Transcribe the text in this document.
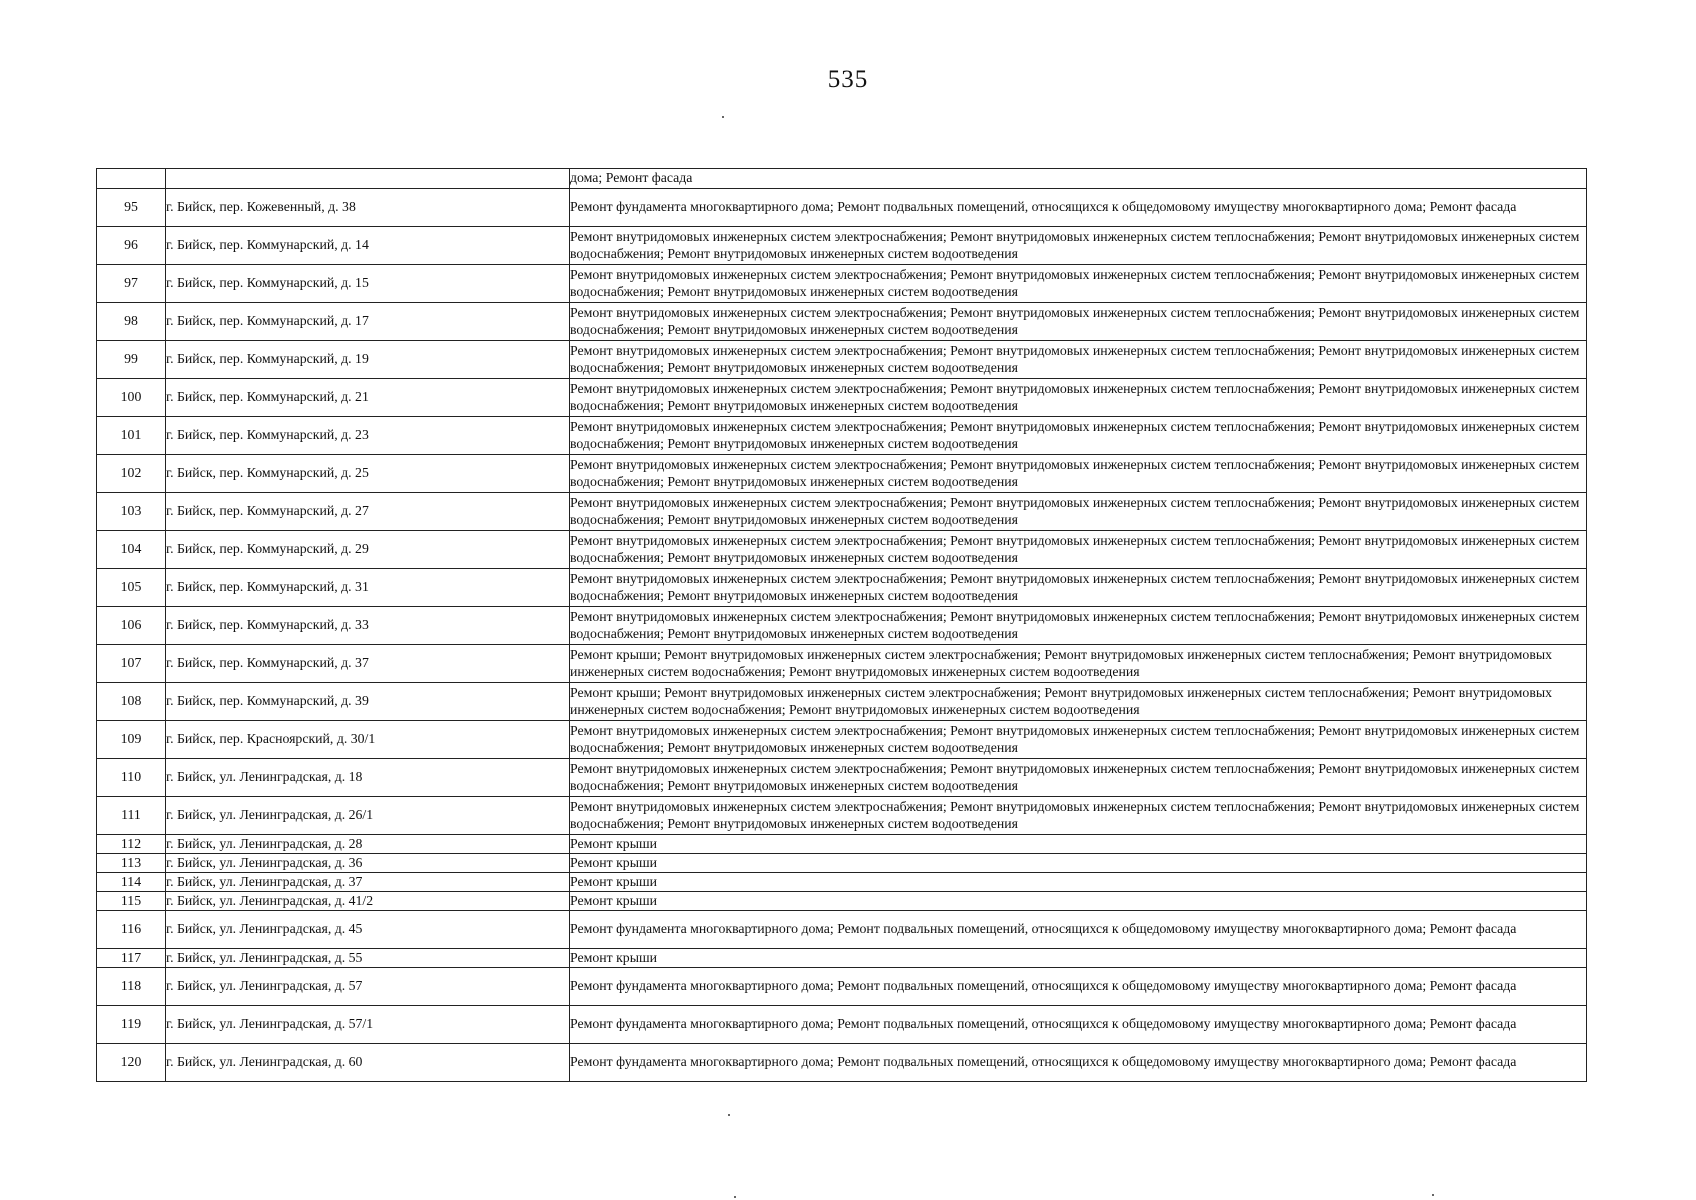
535
		дома; Ремонт фасада
95	г. Бийск, пер. Кожевенный, д. 38	Ремонт фундамента многоквартирного дома; Ремонт подвальных помещений, относящихся к общедомовому имуществу многоквартирного дома; Ремонт фасада
96	г. Бийск, пер. Коммунарский, д. 14	Ремонт внутридомовых инженерных систем электроснабжения; Ремонт внутридомовых инженерных систем теплоснабжения; Ремонт внутридомовых инженерных систем водоснабжения; Ремонт внутридомовых инженерных систем водоотведения
97	г. Бийск, пер. Коммунарский, д. 15	Ремонт внутридомовых инженерных систем электроснабжения; Ремонт внутридомовых инженерных систем теплоснабжения; Ремонт внутридомовых инженерных систем водоснабжения; Ремонт внутридомовых инженерных систем водоотведения
98	г. Бийск, пер. Коммунарский, д. 17	Ремонт внутридомовых инженерных систем электроснабжения; Ремонт внутридомовых инженерных систем теплоснабжения; Ремонт внутридомовых инженерных систем водоснабжения; Ремонт внутридомовых инженерных систем водоотведения
99	г. Бийск, пер. Коммунарский, д. 19	Ремонт внутридомовых инженерных систем электроснабжения; Ремонт внутридомовых инженерных систем теплоснабжения; Ремонт внутридомовых инженерных систем водоснабжения; Ремонт внутридомовых инженерных систем водоотведения
100	г. Бийск, пер. Коммунарский, д. 21	Ремонт внутридомовых инженерных систем электроснабжения; Ремонт внутридомовых инженерных систем теплоснабжения; Ремонт внутридомовых инженерных систем водоснабжения; Ремонт внутридомовых инженерных систем водоотведения
101	г. Бийск, пер. Коммунарский, д. 23	Ремонт внутридомовых инженерных систем электроснабжения; Ремонт внутридомовых инженерных систем теплоснабжения; Ремонт внутридомовых инженерных систем водоснабжения; Ремонт внутридомовых инженерных систем водоотведения
102	г. Бийск, пер. Коммунарский, д. 25	Ремонт внутридомовых инженерных систем электроснабжения; Ремонт внутридомовых инженерных систем теплоснабжения; Ремонт внутридомовых инженерных систем водоснабжения; Ремонт внутридомовых инженерных систем водоотведения
103	г. Бийск, пер. Коммунарский, д. 27	Ремонт внутридомовых инженерных систем электроснабжения; Ремонт внутридомовых инженерных систем теплоснабжения; Ремонт внутридомовых инженерных систем водоснабжения; Ремонт внутридомовых инженерных систем водоотведения
104	г. Бийск, пер. Коммунарский, д. 29	Ремонт внутридомовых инженерных систем электроснабжения; Ремонт внутридомовых инженерных систем теплоснабжения; Ремонт внутридомовых инженерных систем водоснабжения; Ремонт внутридомовых инженерных систем водоотведения
105	г. Бийск, пер. Коммунарский, д. 31	Ремонт внутридомовых инженерных систем электроснабжения; Ремонт внутридомовых инженерных систем теплоснабжения; Ремонт внутридомовых инженерных систем водоснабжения; Ремонт внутридомовых инженерных систем водоотведения
106	г. Бийск, пер. Коммунарский, д. 33	Ремонт внутридомовых инженерных систем электроснабжения; Ремонт внутридомовых инженерных систем теплоснабжения; Ремонт внутридомовых инженерных систем водоснабжения; Ремонт внутридомовых инженерных систем водоотведения
107	г. Бийск, пер. Коммунарский, д. 37	Ремонт крыши; Ремонт внутридомовых инженерных систем электроснабжения; Ремонт внутридомовых инженерных систем теплоснабжения; Ремонт внутридомовых инженерных систем водоснабжения; Ремонт внутридомовых инженерных систем водоотведения
108	г. Бийск, пер. Коммунарский, д. 39	Ремонт крыши; Ремонт внутридомовых инженерных систем электроснабжения; Ремонт внутридомовых инженерных систем теплоснабжения; Ремонт внутридомовых инженерных систем водоснабжения; Ремонт внутридомовых инженерных систем водоотведения
109	г. Бийск, пер. Красноярский, д. 30/1	Ремонт внутридомовых инженерных систем электроснабжения; Ремонт внутридомовых инженерных систем теплоснабжения; Ремонт внутридомовых инженерных систем водоснабжения; Ремонт внутридомовых инженерных систем водоотведения
110	г. Бийск, ул. Ленинградская, д. 18	Ремонт внутридомовых инженерных систем электроснабжения; Ремонт внутридомовых инженерных систем теплоснабжения; Ремонт внутридомовых инженерных систем водоснабжения; Ремонт внутридомовых инженерных систем водоотведения
111	г. Бийск, ул. Ленинградская, д. 26/1	Ремонт внутридомовых инженерных систем электроснабжения; Ремонт внутридомовых инженерных систем теплоснабжения; Ремонт внутридомовых инженерных систем водоснабжения; Ремонт внутридомовых инженерных систем водоотведения
112	г. Бийск, ул. Ленинградская, д. 28	Ремонт крыши
113	г. Бийск, ул. Ленинградская, д. 36	Ремонт крыши
114	г. Бийск, ул. Ленинградская, д. 37	Ремонт крыши
115	г. Бийск, ул. Ленинградская, д. 41/2	Ремонт крыши
116	г. Бийск, ул. Ленинградская, д. 45	Ремонт фундамента многоквартирного дома; Ремонт подвальных помещений, относящихся к общедомовому имуществу многоквартирного дома; Ремонт фасада
117	г. Бийск, ул. Ленинградская, д. 55	Ремонт крыши
118	г. Бийск, ул. Ленинградская, д. 57	Ремонт фундамента многоквартирного дома; Ремонт подвальных помещений, относящихся к общедомовому имуществу многоквартирного дома; Ремонт фасада
119	г. Бийск, ул. Ленинградская, д. 57/1	Ремонт фундамента многоквартирного дома; Ремонт подвальных помещений, относящихся к общедомовому имуществу многоквартирного дома; Ремонт фасада
120	г. Бийск, ул. Ленинградская, д. 60	Ремонт фундамента многоквартирного дома; Ремонт подвальных помещений, относящихся к общедомовому имуществу многоквартирного дома; Ремонт фасада
